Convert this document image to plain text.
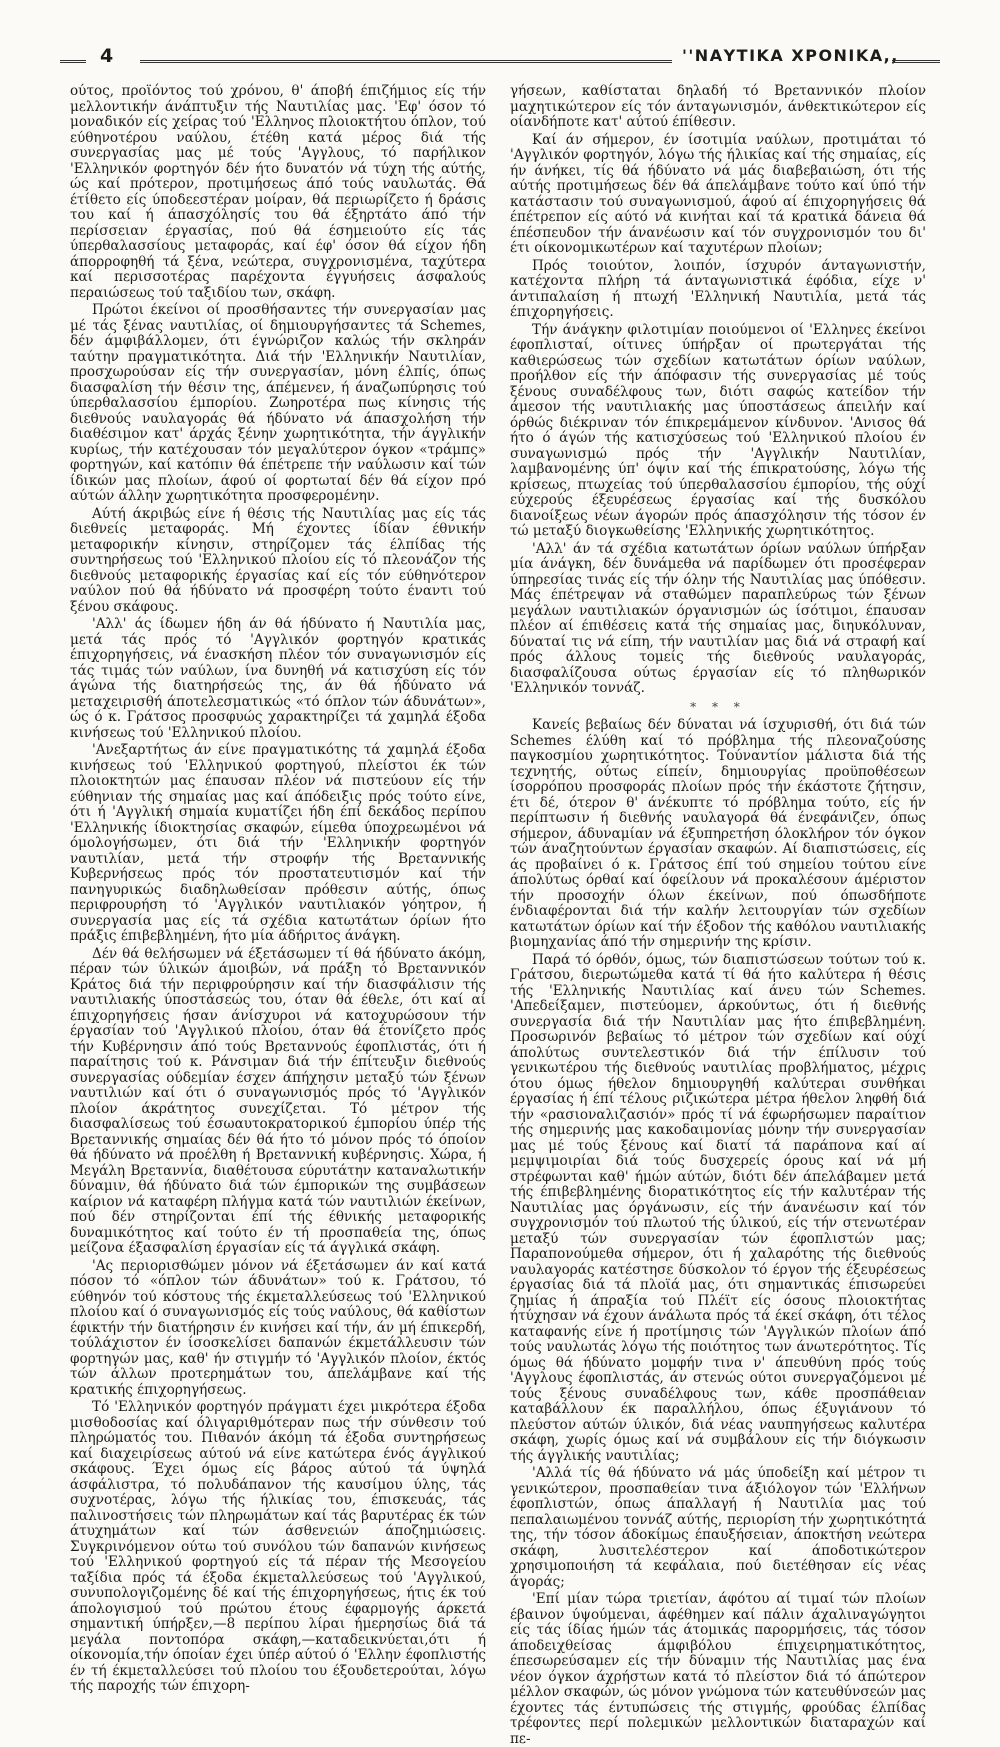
4	''ΝΑΥΤΙΚΑ ΧΡΟΝΙΚΑ,,

ούτος, προϊόντος τού χρόνου, θ' άποβή έπιζήμιος είς τήν μελλοντικήν άνάπτυξιν τής Ναυτιλίας μας. 'Εφ' όσον τό μοναδικόν είς χείρας τού 'Ελληνος πλοιοκτήτου όπλον, τού εύθηνοτέρου ναύλου, έτέθη κατά μέρος διά τής συνεργασίας μας μέ τούς 'Αγγλους, τό παρήλικον 'Ελληνικόν φορτηγόν δέν ήτο δυνατόν νά τύχη τής αύτής, ώς καί πρότερον, προτιμήσεως άπό τούς ναυλωτάς. Θά έτίθετο είς ύποδεεστέραν μοίραν, θά περιωρίζετο ή δράσις του καί ή άπασχόλησίς του θά έξηρτάτο άπό τήν περίσσειαν έργασίας, πού θά έσημειούτο είς τάς ύπερθαλασσίους μεταφοράς, καί έφ' όσον θά είχον ήδη άπορροφηθή τά ξένα, νεώτερα, συγχρονισμένα, ταχύτερα καί περισσοτέρας παρέχοντα έγγυήσεις άσφαλούς περαιώσεως τού ταξιδίου των, σκάφη.

Πρώτοι έκείνοι οί προσθήσαντες τήν συνεργασίαν μας μέ τάς ξένας ναυτιλίας, οί δημιουργήσαντες τά Schemes, δέν άμφιβάλλομεν, ότι έγνώριζον καλώς τήν σκληράν ταύτην πραγματικότητα. Διά τήν 'Ελληνικήν Ναυτιλίαν, προσχωρούσαν είς τήν συνεργασίαν, μόνη έλπίς, όπως διασφαλίση τήν θέσιν της, άπέμενεν, ή άναζωπύρησις τού ύπερθαλασσίου έμπορίου. Ζωηροτέρα πως κίνησις τής διεθνούς ναυλαγοράς θά ήδύνατο νά άπασχολήση τήν διαθέσιμον κατ' άρχάς ξένην χωρητικότητα, τήν άγγλικήν κυρίως, τήν κατέχουσαν τόν μεγαλύτερον όγκον «τράμπς» φορτηγών, καί κατόπιν θά έπέτρεπε τήν ναύλωσιν καί τών ίδικών μας πλοίων, άφού οί φορτωταί δέν θά είχον πρό αύτών άλλην χωρητικότητα προσφερομένην.

Αύτή άκριβώς είνε ή θέσις τής Ναυτιλίας μας είς τάς διεθνείς μεταφοράς. Μή έχοντες ίδίαν έθνικήν μεταφορικήν κίνησιν, στηρίζομεν τάς έλπίδας τής συντηρήσεως τού 'Ελληνικού πλοίου είς τό πλεονάζον τής διεθνούς μεταφορικής έργασίας καί είς τόν εύθηνότερον ναύλον πού θά ήδύνατο νά προσφέρη τούτο έναντι τού ξένου σκάφους.

'Αλλ' άς ίδωμεν ήδη άν θά ήδύνατο ή Ναυτιλία μας, μετά τάς πρός τό 'Αγγλικόν φορτηγόν κρατικάς έπιχορηγήσεις, νά ένασκήση πλέον τόν συναγωνισμόν είς τάς τιμάς τών ναύλων, ίνα δυνηθή νά κατισχύση είς τόν άγώνα τής διατηρήσεώς της, άν θά ήδύνατο νά μεταχειρισθή άποτελεσματικώς «τό όπλον τών άδυνάτων», ώς ό κ. Γράτσος προσφυώς χαρακτηρίζει τά χαμηλά έξοδα κινήσεως τού 'Ελληνικού πλοίου.

'Ανεξαρτήτως άν είνε πραγματικότης τά χαμηλά έξοδα κινήσεως τού 'Ελληνικού φορτηγού, πλείστοι έκ τών πλοιοκτητών μας έπαυσαν πλέον νά πιστεύουν είς τήν εύθηνιαν τής σημαίας μας καί άπόδειξις πρός τούτο είνε, ότι ή 'Αγγλική σημαία κυματίζει ήδη έπί δεκάδος περίπου 'Ελληνικής ίδιοκτησίας σκαφών, είμεθα ύποχρεωμένοι νά όμολογήσωμεν, ότι διά τήν 'Ελληνικήν φορτηγόν ναυτιλίαν, μετά τήν στροφήν τής Βρεταννικής Κυβερνήσεως πρός τόν προστατευτισμόν καί τήν πανηγυρικώς διαδηλωθείσαν πρόθεσιν αύτής, όπως περιφρουρήση τό 'Αγγλικόν ναυτιλιακόν γόητρον, ή συνεργασία μας είς τά σχέδια κατωτάτων όρίων ήτο πράξις έπιβεβλημένη, ήτο μία άδήριτος άνάγκη.

Δέν θά θελήσωμεν νά έξετάσωμεν τί θά ήδύνατο άκόμη, πέραν τών ύλικών άμοιβών, νά πράξη τό Βρεταννικόν Κράτος διά τήν περιφρούρησιν καί τήν διασφάλισιν τής ναυτιλιακής ύποστάσεώς του, όταν θά έθελε, ότι καί αί έπιχορηγήσεις ήσαν άνίσχυροι νά κατοχυρώσουν τήν έργασίαν τού 'Αγγλικού πλοίου, όταν θά έτονίζετο πρός τήν Κυβέρνησιν άπό τούς Βρεταννούς έφοπλιστάς, ότι ή παραίτησις τού κ. Ράνσιμαν διά τήν έπίτευξιν διεθνούς συνεργασίας ούδεμίαν έσχεν άπήχησιν μεταξύ τών ξένων ναυτιλιών καί ότι ό συναγωνισμός πρός τό 'Αγγλικόν πλοίον άκράτητος συνεχίζεται. Τό μέτρον τής διασφαλίσεως τού έσωαυτοκρατορικού έμπορίου ύπέρ τής Βρεταννικής σημαίας δέν θά ήτο τό μόνον πρός τό όποίον θά ήδύνατο νά προέλθη ή Βρεταννική κυβέρνησις. Χώρα, ή Μεγάλη Βρεταννία, διαθέτουσα εύρυτάτην καταναλωτικήν δύναμιν, θά ήδύνατο διά τών έμπορικών της συμβάσεων καίριον νά καταφέρη πλήγμα κατά τών ναυτιλιών έκείνων, πού δέν στηρίζονται έπί τής έθνικής μεταφορικής δυναμικότητος καί τούτο έν τή προσπαθεία της, όπως μείζονα έξασφαλίση έργασίαν είς τά άγγλικά σκάφη.

'Ας περιορισθώμεν μόνον νά έξετάσωμεν άν καί κατά πόσον τό «όπλον τών άδυνάτων» τού κ. Γράτσου, τό εύθηνόν τού κόστους τής έκμεταλλεύσεως τού 'Ελληνικού πλοίου καί ό συναγωνισμός είς τούς ναύλους, θά καθίστων έφικτήν τήν διατήρησιν έν κινήσει καί τήν, άν μή έπικερδή, τούλάχιστον έν ίσοσκελίσει δαπανών έκμετάλλευσιν τών φορτηγών μας, καθ' ήν στιγμήν τό 'Αγγλικόν πλοίον, έκτός τών άλλων προτερημάτων του, άπελάμβανε καί τής κρατικής έπιχορηγήσεως.

Τό 'Ελληνικόν φορτηγόν πράγματι έχει μικρότερα έξοδα μισθοδοσίας καί όλιγαριθμότεραν πως τήν σύνθεσιν τού πληρώματός του. Πιθανόν άκόμη τά έξοδα συντηρήσεως καί διαχειρίσεως αύτού νά είνε κατώτερα ένός άγγλικού σκάφους. Έχει όμως είς βάρος αύτού τά ύψηλά άσφάλιστρα, τό πολυδάπανον τής καυσίμου ύλης, τάς συχνοτέρας, λόγω τής ήλικίας του, έπισκευάς, τάς παλινοστήσεις τών πληρωμάτων καί τάς βαρυτέρας έκ τών άτυχημάτων καί τών άσθενειών άποζημιώσεις. Συγκρινόμενον ούτω τού συνόλου τών δαπανών κινήσεως τού 'Ελληνικού φορτηγού είς τά πέραν τής Μεσογείου ταξίδια πρός τά έξοδα έκμεταλλεύσεως τού 'Αγγλικού, συνυπολογιζομένης δέ καί τής έπιχορηγήσεως, ήτις έκ τού άπολογισμού τού πρώτου έτους έφαρμογής άρκετά σημαντική ύπήρξεν,—8 περίπου λίραι ήμερησίως διά τά μεγάλα ποντοπόρα σκάφη,—καταδεικνύεται,ότι ή οίκονομία,τήν όποίαν έχει ύπέρ αύτού ό 'Ελλην έφοπλιστής έν τή έκμεταλλεύσει τού πλοίου του έξουδετερούται, λόγω τής παροχής τών έπιχορη-

γήσεων, καθίσταται δηλαδή τό Βρεταννικόν πλοίον μαχητικώτερον είς τόν άνταγωνισμόν, άνθεκτικώτερον είς οίανδήποτε κατ' αύτού έπίθεσιν.

Καί άν σήμερον, έν ίσοτιμία ναύλων, προτιμάται τό 'Αγγλικόν φορτηγόν, λόγω τής ήλικίας καί τής σημαίας, είς ήν άνήκει, τίς θά ήδύνατο νά μάς διαβεβαιώση, ότι τής αύτής προτιμήσεως δέν θά άπελάμβανε τούτο καί ύπό τήν κατάστασιν τού συναγωνισμού, άφού αί έπιχορηγήσεις θά έπέτρεπον είς αύτό νά κινήται καί τά κρατικά δάνεια θά έπέσπευδον τήν άνανέωσιν καί τόν συγχρονισμόν του δι' έτι οίκονομικωτέρων καί ταχυτέρων πλοίων;

Πρός τοιούτον, λοιπόν, ίσχυρόν άνταγωνιστήν, κατέχοντα πλήρη τά άνταγωνιστικά έφόδια, είχε ν' άντιπαλαίση ή πτωχή 'Ελληνική Ναυτιλία, μετά τάς έπιχορηγήσεις.

Τήν άνάγκην φιλοτιμίαν ποιούμενοι οί 'Ελληνες έκείνοι έφοπλισταί, οίτινες ύπήρξαν οί πρωτεργάται τής καθιερώσεως τών σχεδίων κατωτάτων όρίων ναύλων, προήλθον είς τήν άπόφασιν τής συνεργασίας μέ τούς ξένους συναδέλφους των, διότι σαφώς κατείδον τήν άμεσον τής ναυτιλιακής μας ύποστάσεως άπειλήν καί όρθώς διέκριναν τόν έπικρεμάμενον κίνδυνον. 'Ανισος θά ήτο ό άγών τής κατισχύσεως τού 'Ελληνικού πλοίου έν συναγωνισμώ πρός τήν 'Αγγλικήν Ναυτιλίαν, λαμβανομένης ύπ' όψιν καί τής έπικρατούσης, λόγω τής κρίσεως, πτωχείας τού ύπερθαλασσίου έμπορίου, τής ούχί εύχερούς έξευρέσεως έργασίας καί τής δυσκόλου διανοίξεως νέων άγορών πρός άπασχόλησιν τής τόσον έν τώ μεταξύ διογκωθείσης 'Ελληνικής χωρητικότητος.

'Αλλ' άν τά σχέδια κατωτάτων όρίων ναύλων ύπήρξαν μία άνάγκη, δέν δυνάμεθα νά παρίδωμεν ότι προσέφεραν ύπηρεσίας τινάς είς τήν όλην τής Ναυτιλίας μας ύπόθεσιν. Μάς έπέτρεψαν νά σταθώμεν παραπλεύρως τών ξένων μεγάλων ναυτιλιακών όργανισμών ώς ίσότιμοι, έπαυσαν πλέον αί έπιθέσεις κατά τής σημαίας μας, διηυκόλυναν, δύναταί τις νά είπη, τήν ναυτιλίαν μας διά νά στραφή καί πρός άλλους τομείς τής διεθνούς ναυλαγοράς, διασφαλίζουσα ούτως έργασίαν είς τό πληθωρικόν 'Ελληνικόν τοννάζ.

* * *

Κανείς βεβαίως δέν δύναται νά ίσχυρισθή, ότι διά τών Schemes έλύθη καί τό πρόβλημα τής πλεοναζούσης παγκοσμίου χωρητικότητος. Τούναντίον μάλιστα διά τής τεχνητής, ούτως είπείν, δημιουργίας προϋποθέσεων ίσορρόπου προσφοράς πλοίων πρός τήν έκάστοτε ζήτησιν, έτι δέ, ότερον θ' άνέκυπτε τό πρόβλημα τούτο, είς ήν περίπτωσιν ή διεθνής ναυλαγορά θά ένεφάνιζεν, όπως σήμερον, άδυναμίαν νά έξυπηρετήση όλοκλήρον τόν όγκον τών άναζητούντων έργασίαν σκαφών. Αί διαπιστώσεις, είς άς προβαίνει ό κ. Γράτσος έπί τού σημείου τούτου είνε άπολύτως όρθαί καί όφείλουν νά προκαλέσουν άμέριστον τήν προσοχήν όλων έκείνων, πού όπωσδήποτε ένδιαφέρονται διά τήν καλήν λειτουργίαν τών σχεδίων κατωτάτων όρίων καί τήν έξοδον τής καθόλου ναυτιλιακής βιομηχανίας άπό τήν σημερινήν της κρίσιν.

Παρά τό όρθόν, όμως, τών διαπιστώσεων τούτων τού κ. Γράτσου, διερωτώμεθα κατά τί θά ήτο καλύτερα ή θέσις τής 'Ελληνικής Ναυτιλίας καί άνευ τών Schemes. 'Απεδείξαμεν, πιστεύομεν, άρκούντως, ότι ή διεθνής συνεργασία διά τήν Ναυτιλίαν μας ήτο έπιβεβλημένη. Προσωρινόν βεβαίως τό μέτρον τών σχεδίων καί ούχί άπολύτως συντελεστικόν διά τήν έπίλυσιν τού γενικωτέρου τής διεθνούς ναυτιλίας προβλήματος, μέχρις ότου όμως ήθελον δημιουργηθή καλύτεραι συνθήκαι έργασίας ή έπί τέλους ριζικώτερα μέτρα ήθελον ληφθή διά τήν «ρασιοναλιζασιόν» πρός τί νά έφωρήσωμεν παραίτιον τής σημερινής μας κακοδαιμονίας μόνην τήν συνεργασίαν μας μέ τούς ξένους καί διατί τά παράπονα καί αί μεμψιμοιρίαι διά τούς δυσχερείς όρους καί νά μή στρέφωνται καθ' ήμών αύτών, διότι δέν άπελάβαμεν μετά τής έπιβεβλημένης διορατικότητος είς τήν καλυτέραν τής Ναυτιλίας μας όργάνωσιν, είς τήν άνανέωσιν καί τόν συγχρονισμόν τού πλωτού τής ύλικού, είς τήν στενωτέραν μεταξύ τών συνεργασίαν τών έφοπλιστών μας; Παραπονούμεθα σήμερον, ότι ή χαλαρότης τής διεθνούς ναυλαγοράς κατέστησε δύσκολον τό έργον τής έξευρέσεως έργασίας διά τά πλοϊά μας, ότι σημαντικάς έπισωρεύει ζημίας ή άπραξία τού Πλέϊτ είς όσους πλοιοκτήτας ήτύχησαν νά έχουν άνάλωτα πρός τά έκεί σκάφη, ότι τέλος καταφανής είνε ή προτίμησις τών 'Αγγλικών πλοίων άπό τούς ναυλωτάς λόγω τής ποιότητος των άνωτερότητος. Τίς όμως θά ήδύνατο μομφήν τινα ν' άπευθύνη πρός τούς 'Αγγλους έφοπλιστάς, άν στενώς ούτοι συνεργαζόμενοι μέ τούς ξένους συναδέλφους των, κάθε προσπάθειαν καταβάλλουν έκ παραλλήλου, όπως έξυγιάνουν τό πλεύστον αύτών ύλικόν, διά νέας ναυπηγήσεως καλυτέρα σκάφη, χωρίς όμως καί νά συμβάλουν είς τήν διόγκωσιν τής άγγλικής ναυτιλίας;

'Αλλά τίς θά ήδύνατο νά μάς ύποδείξη καί μέτρον τι γενικώτερον, προσπαθείαν τινα άξιόλογον τών 'Ελλήνων έφοπλιστών, όπως άπαλλαγή ή Ναυτιλία μας τού πεπαλαιωμένου τοννάζ αύτής, περιορίση τήν χωρητικότητά της, τήν τόσον άδοκίμως έπαυξήσειαν, άποκτήση νεώτερα σκάφη, λυσιτελέστερον καί άποδοτικώτερον χρησιμοποιήση τά κεφάλαια, πού διετέθησαν είς νέας άγοράς;

'Επί μίαν τώρα τριετίαν, άφότου αί τιμαί τών πλοίων έβαινον ύψούμεναι, άφέθημεν καί πάλιν άχαλιναγώγητοι είς τάς ίδίας ήμών τάς άτομικάς παρορμήσεις, τάς τόσον άποδειχθείσας άμφιβόλου έπιχειρηματικότητος, έπεσωρεύσαμεν είς τήν δύναμιν τής Ναυτιλίας μας ένα νέον όγκον άχρήστων κατά τό πλείστον διά τό άπώτερον μέλλον σκαφών, ώς μόνον γνώμονα τών κατευθύνσεών μας έχοντες τάς έντυπώσεις τής στιγμής, φρούδας έλπίδας τρέφοντες περί πολεμικών μελλοντικών διαταραχών καί πε-
